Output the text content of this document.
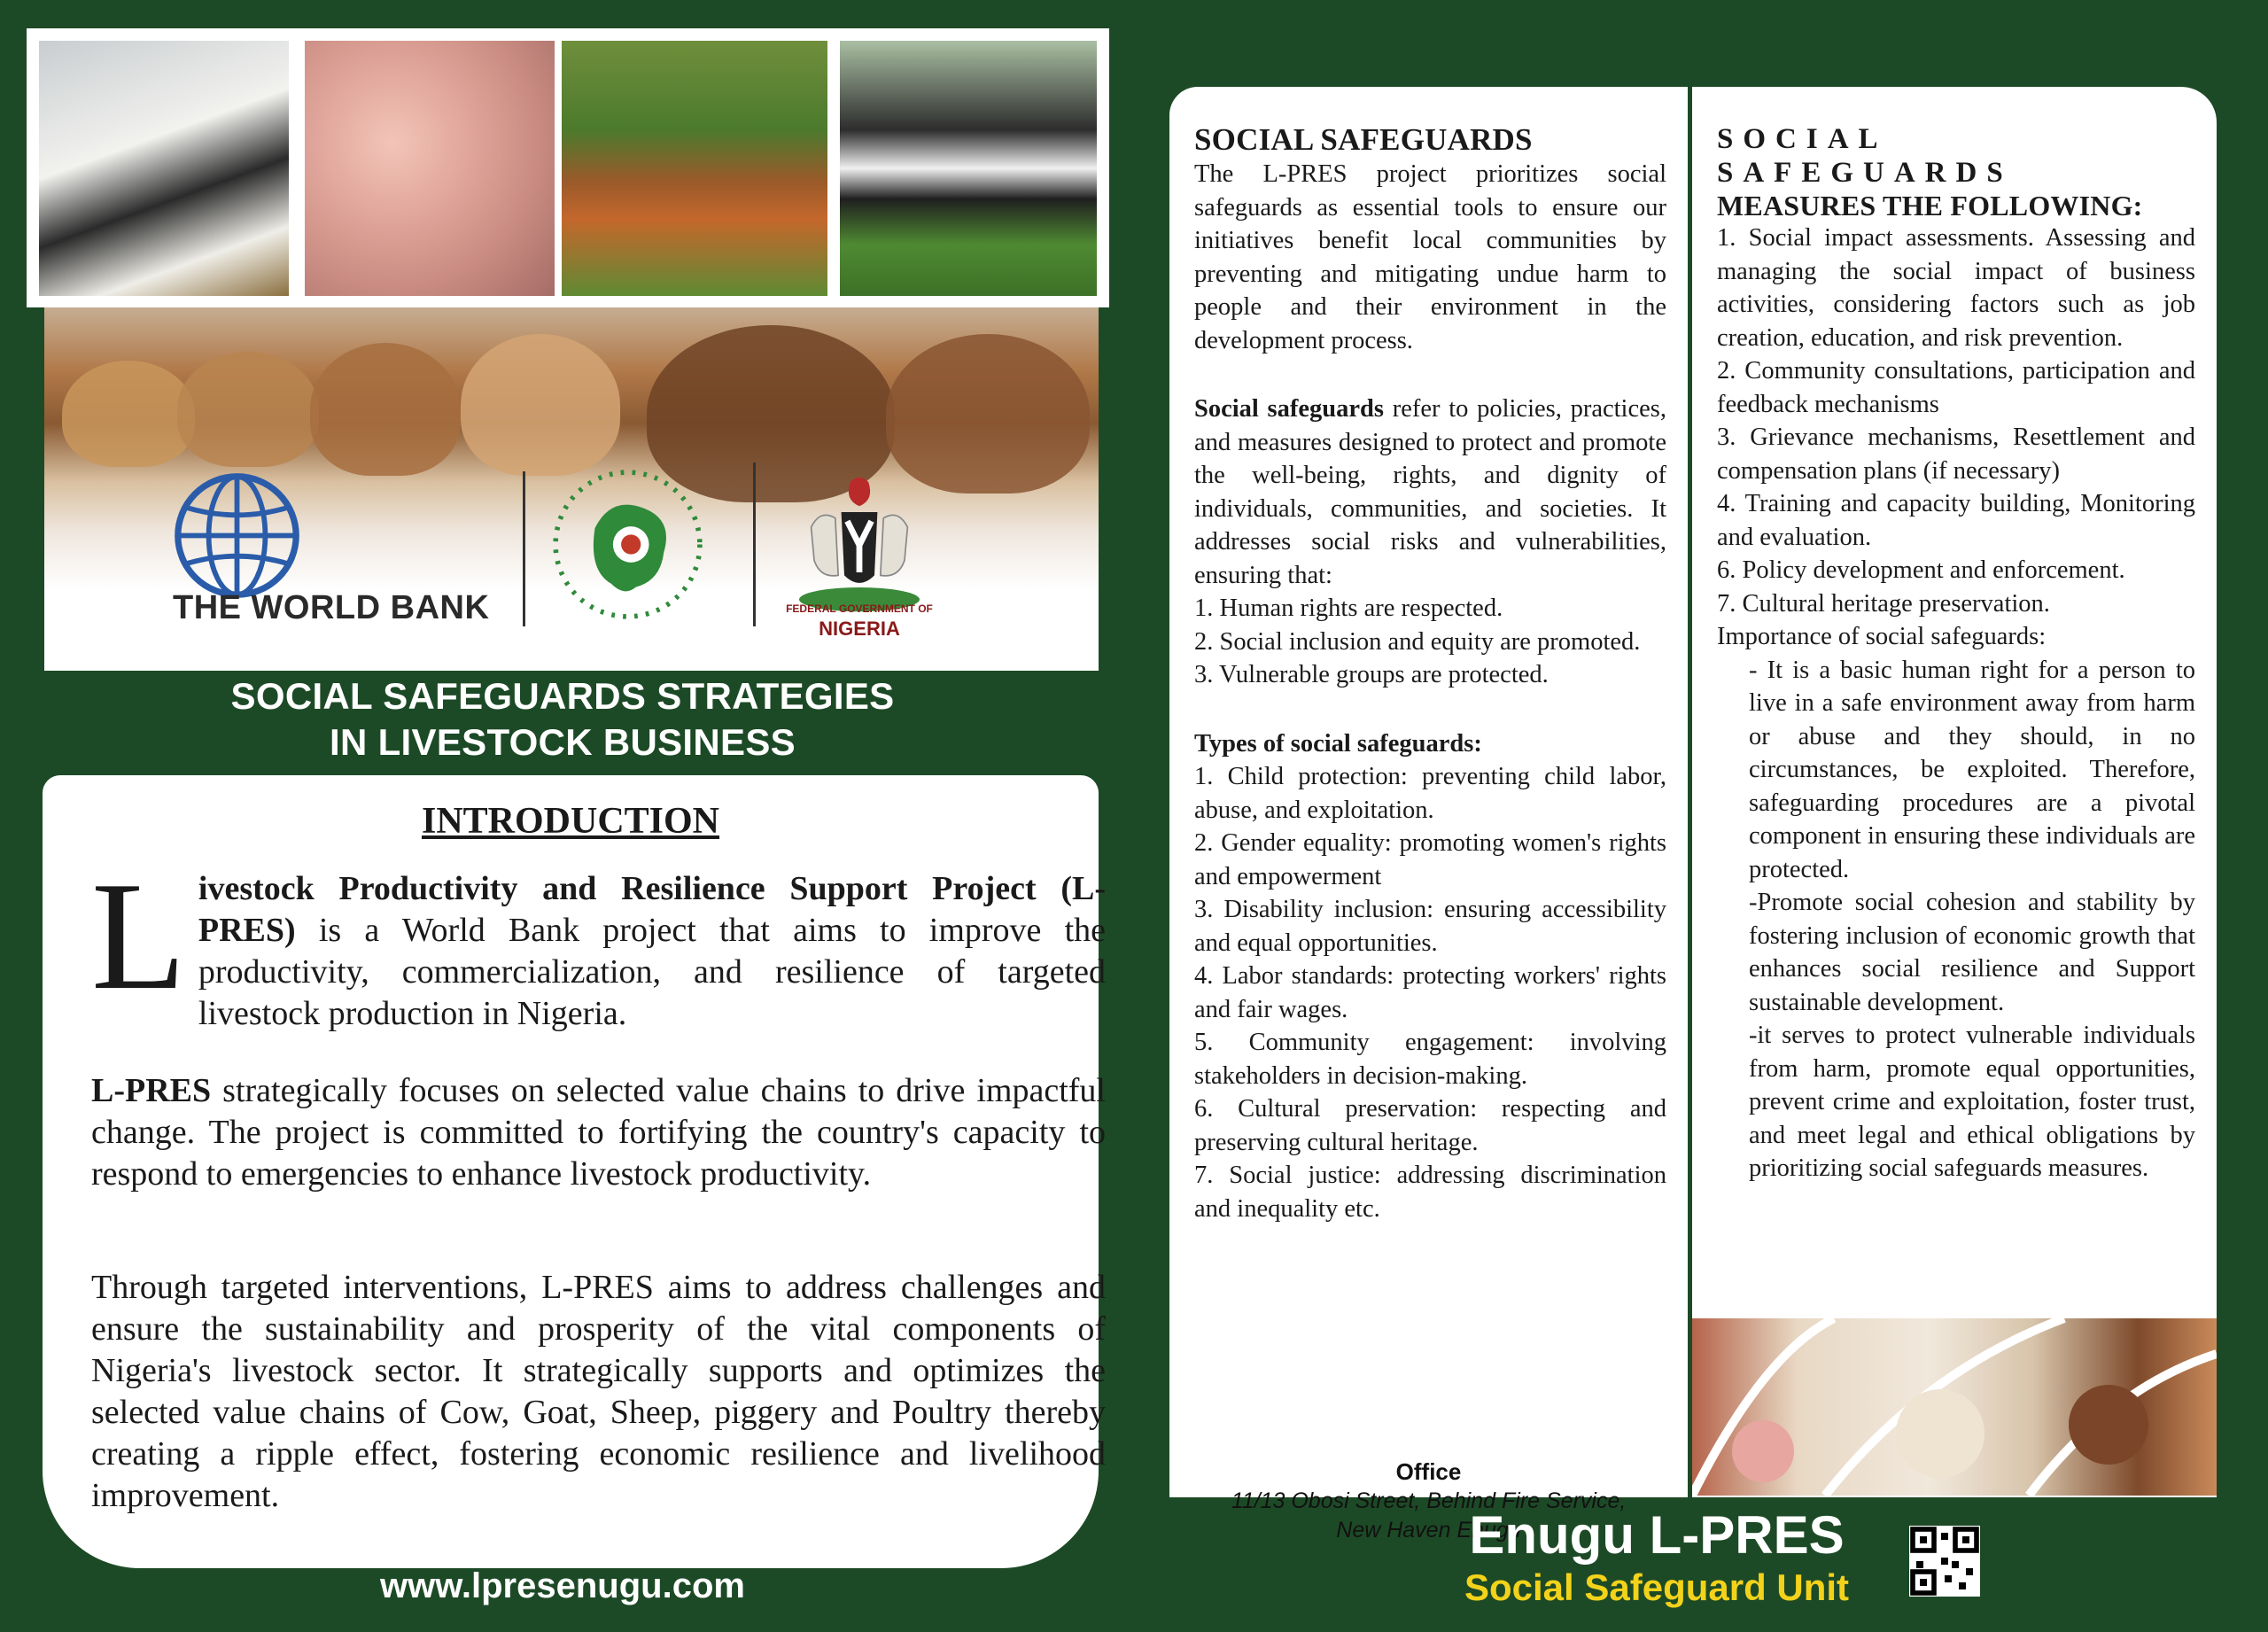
THE WORLD BANK	FEDERAL GOVERNMENT OF
NIGERIA
SOCIAL SAFEGUARDS STRATEGIES
IN LIVESTOCK BUSINESS
INTRODUCTION
Livestock Productivity and Resilience Support Project (L-PRES) is a World Bank project that aims to improve the productivity, commercialization, and resilience of targeted livestock production in Nigeria.
L-PRES strategically focuses on selected value chains to drive impactful change. The project is committed to fortifying the country's capacity to respond to emergencies to enhance livestock productivity.
Through targeted interventions, L-PRES aims to address challenges and ensure the sustainability and prosperity of the vital components of Nigeria's livestock sector. It strategically supports and optimizes the selected value chains of Cow, Goat, Sheep, piggery and Poultry thereby creating a ripple effect, fostering economic resilience and livelihood improvement.
www.lpresenugu.com

SOCIAL SAFEGUARDS

The L-PRES project prioritizes social safeguards as essential tools to ensure our initiatives benefit local communities by preventing and mitigating undue harm to people and their environment in the development process.

Social safeguards refer to policies, practices, and measures designed to protect and promote the well-being, rights, and dignity of individuals, communities, and societies. It addresses social risks and vulnerabilities, ensuring that:

1. Human rights are respected.

2. Social inclusion and equity are promoted.

3. Vulnerable groups are protected.

Types of social safeguards:

1. Child protection: preventing child labor, abuse, and exploitation.

2. Gender equality: promoting women's rights and empowerment

3. Disability inclusion: ensuring accessibility and equal opportunities.

4. Labor standards: protecting workers' rights and fair wages.

5. Community engagement: involving stakeholders in decision-making.

6. Cultural preservation: respecting and preserving cultural heritage.

7. Social justice: addressing discrimination and inequality etc.

Office
11/13 Obosi Street, Behind Fire Service,
New Haven Enugu

SOCIAL SAFEGUARDS

MEASURES THE FOLLOWING:

1. Social impact assessments. Assessing and managing the social impact of business activities, considering factors such as job creation, education, and risk prevention.

2. Community consultations, participation and feedback mechanisms

3. Grievance mechanisms, Resettlement and compensation plans (if necessary)

4. Training and capacity building, Monitoring and evaluation.

6. Policy development and enforcement.

7. Cultural heritage preservation.

Importance of social safeguards:

- It is a basic human right for a person to live in a safe environment away from harm or abuse and they should, in no circumstances, be exploited. Therefore, safeguarding procedures are a pivotal component in ensuring these individuals are protected.

-Promote social cohesion and stability by fostering inclusion of economic growth that enhances social resilience and Support sustainable development.

-it serves to protect vulnerable individuals from harm, promote equal opportunities, prevent crime and exploitation, foster trust, and meet legal and ethical obligations by prioritizing social safeguards measures.

Enugu L-PRES
Social Safeguard Unit
